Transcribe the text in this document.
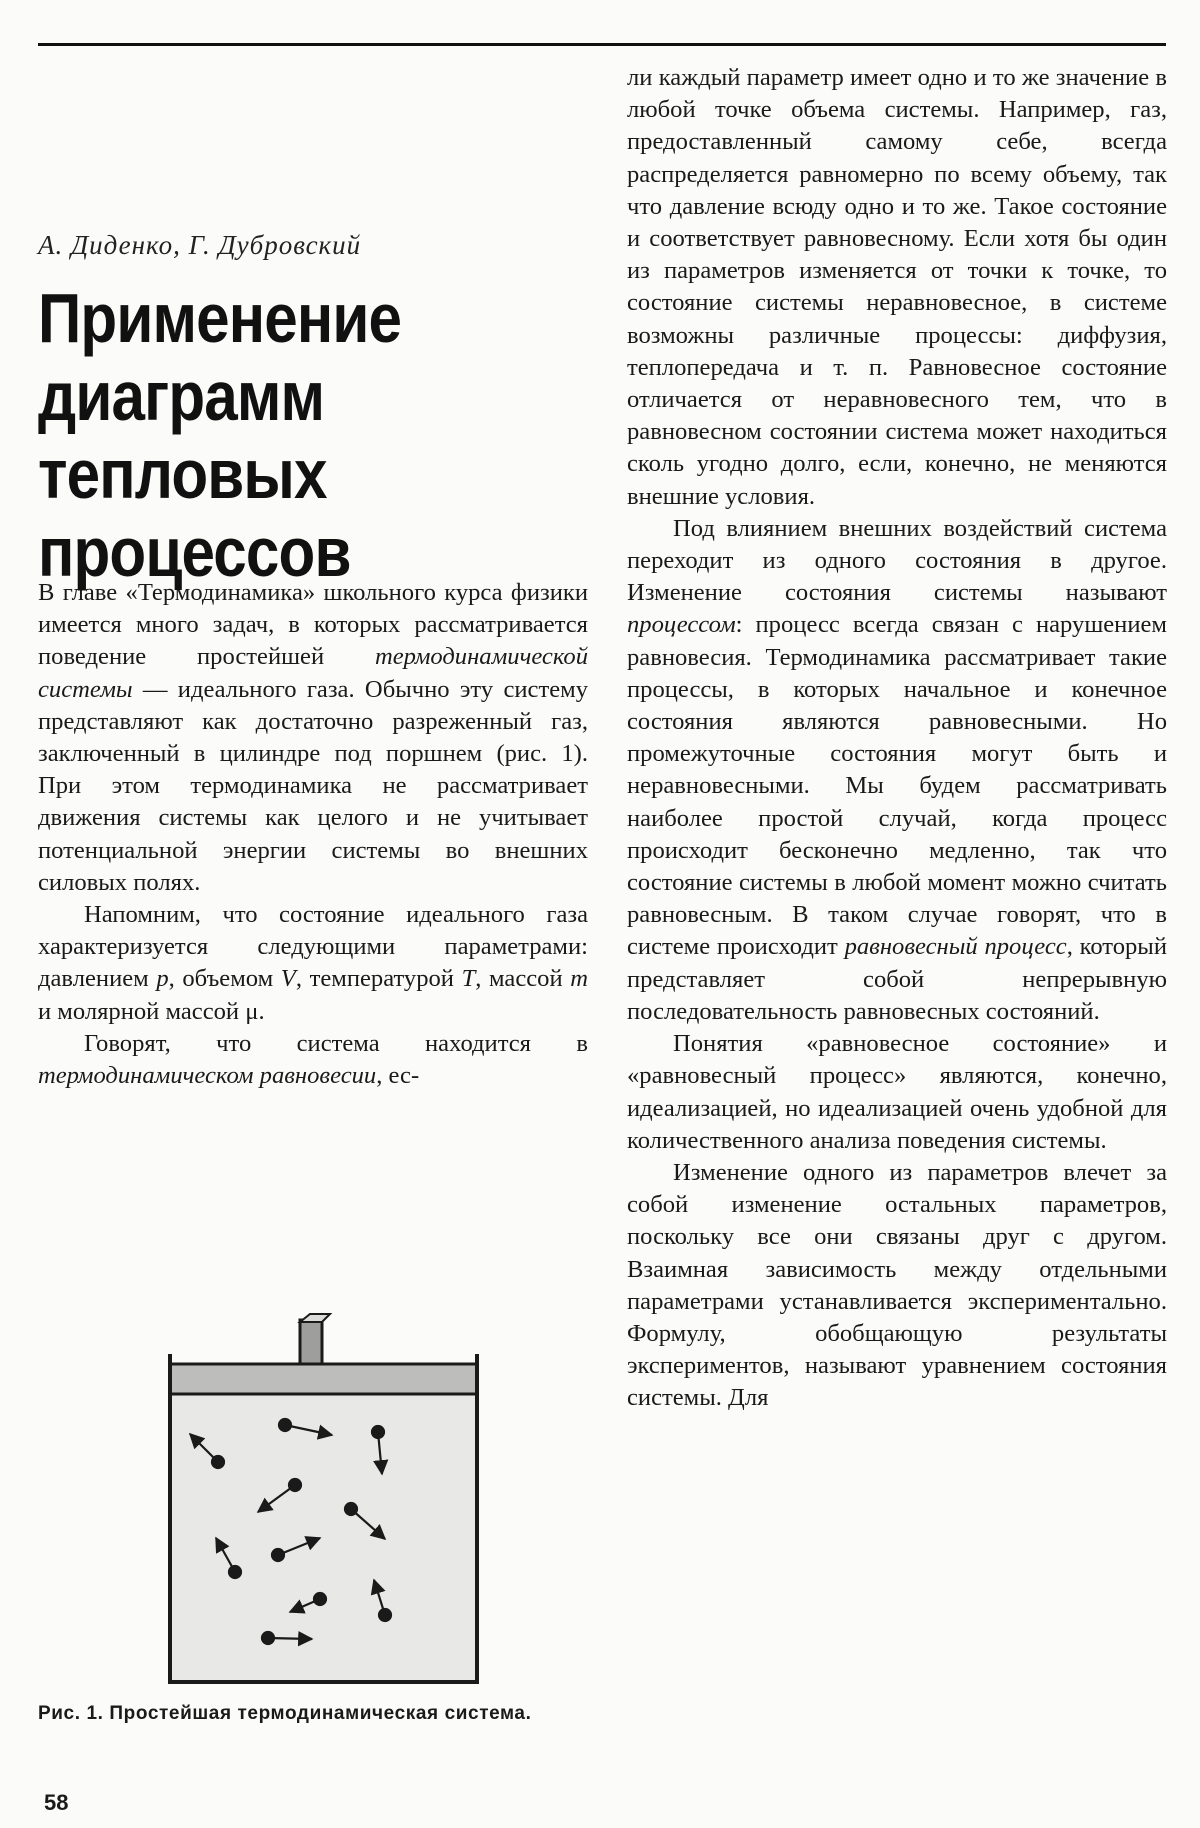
А. Диденко, Г. Дубровский
Применение
диаграмм
тепловых
процессов

В главе «Термодинамика» школьного курса физики имеется много задач, в которых рассматривается поведение простейшей термодинамической системы — идеального газа. Обычно эту систему представляют как достаточно разреженный газ, заключенный в цилиндре под поршнем (рис. 1). При этом термодинамика не рассматривает движения системы как целого и не учитывает потенциальной энергии системы во внешних силовых полях.

Напомним, что состояние идеального газа характеризуется следующими параметрами: давлением p, объемом V, температурой T, массой m и молярной массой μ.

Говорят, что система находится в термодинамическом равновесии, ес-

Рис. 1. Простейшая термодинамическая система.
58

ли каждый параметр имеет одно и то же значение в любой точке объема системы. Например, газ, предоставленный самому себе, всегда распределяется равномерно по всему объему, так что давление всюду одно и то же. Такое состояние и соответствует равновесному. Если хотя бы один из параметров изменяется от точки к точке, то состояние системы неравновесное, в системе возможны различные процессы: диффузия, теплопередача и т. п. Равновесное состояние отличается от неравновесного тем, что в равновесном состоянии система может находиться сколь угодно долго, если, конечно, не меняются внешние условия.

Под влиянием внешних воздействий система переходит из одного состояния в другое. Изменение состояния системы называют процессом: процесс всегда связан с нарушением равновесия. Термодинамика рассматривает такие процессы, в которых начальное и конечное состояния являются равновесными. Но промежуточные состояния могут быть и неравновесными. Мы будем рассматривать наиболее простой случай, когда процесс происходит бесконечно медленно, так что состояние системы в любой момент можно считать равновесным. В таком случае говорят, что в системе происходит равновесный процесс, который представляет собой непрерывную последовательность равновесных состояний.

Понятия «равновесное состояние» и «равновесный процесс» являются, конечно, идеализацией, но идеализацией очень удобной для количественного анализа поведения системы.

Изменение одного из параметров влечет за собой изменение остальных параметров, поскольку все они связаны друг с другом. Взаимная зависимость между отдельными параметрами устанавливается экспериментально. Формулу, обобщающую результаты экспериментов, называют уравнением состояния системы. Для
